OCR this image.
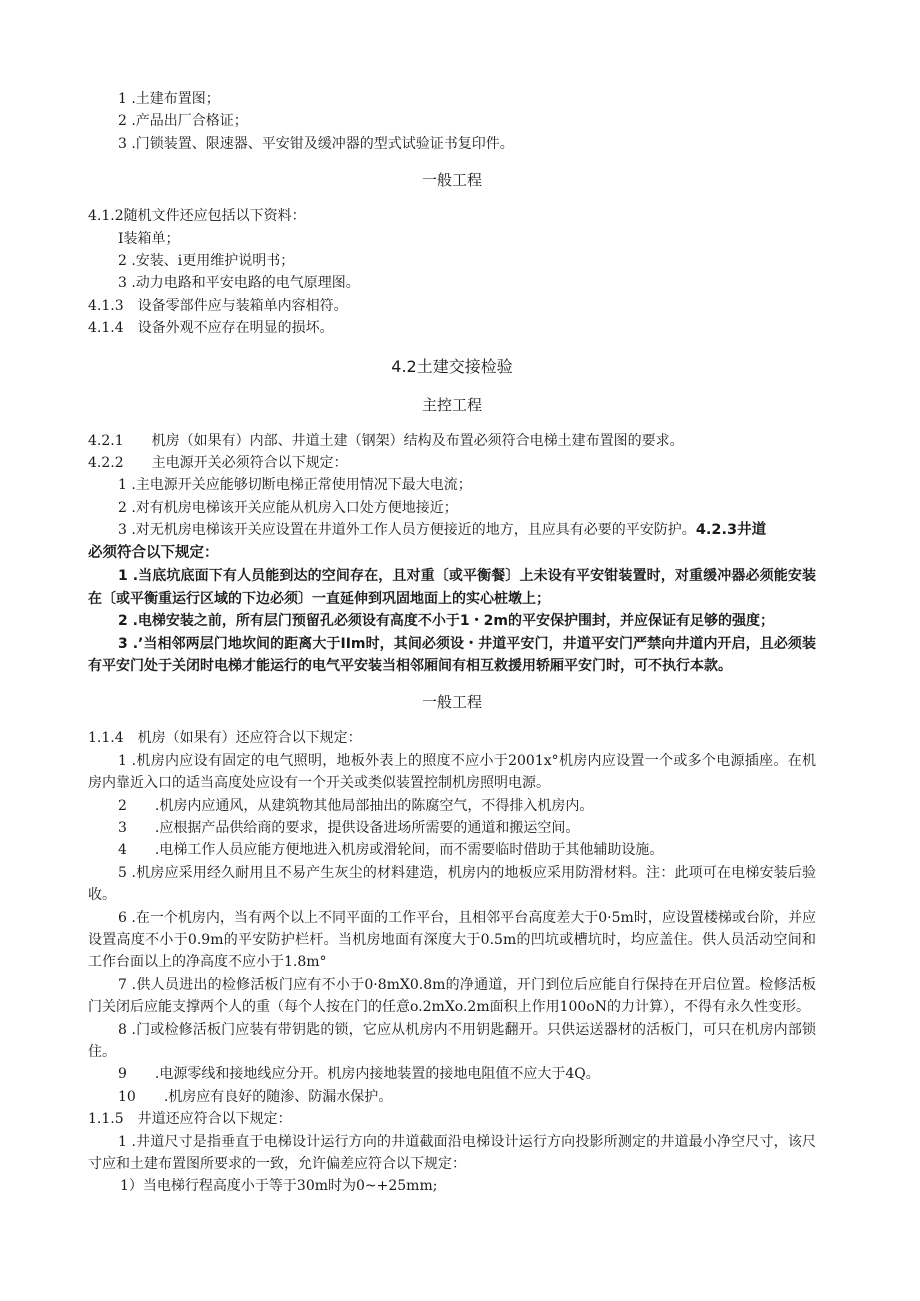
1 .土建布置图；
2 .产品出厂合格证；
3 .门锁装置、限速器、平安钳及缓冲器的型式试验证书复印件。
一般工程
4.1.2随机文件还应包括以下资料：
I装箱单；
2 .安装、i更用维护说明书；
3 .动力电路和平安电路的电气原理图。
4.1.3　设备零部件应与装箱单内容相符。
4.1.4　设备外观不应存在明显的损坏。
4.2土建交接检验
主控工程
4.2.1　　机房（如果有）内部、井道土建（钢架）结构及布置必须符合电梯土建布置图的要求。
4.2.2　　主电源开关必须符合以下规定：
1 .主电源开关应能够切断电梯正常使用情况下最大电流；
2 .对有机房电梯该开关应能从机房入口处方便地接近；
3 .对无机房电梯该开关应设置在井道外工作人员方便接近的地方，且应具有必要的平安防护。4.2.3井道
必须符合以下规定：
1 .当底坑底面下有人员能到达的空间存在，且对重〔或平衡餐〕上未设有平安钳装置时，对重缓冲器必须能安装在〔或平衡重运行区域的下边必须〕一直延伸到巩固地面上的实心桩墩上；
2 .电梯安装之前，所有层门预留孔必须设有高度不小于1・2m的平安保护围封，并应保证有足够的强度；
3 .’当相邻两层门地坎间的距离大于IIm时，其间必须设・井道平安门，井道平安门严禁向井道内开启，且必须装有平安门处于关闭时电梯才能运行的电气平安装当相邻厢间有相互救援用轿厢平安门时，可不执行本款。
一般工程
1.1.4　机房（如果有）还应符合以下规定：
1 .机房内应设有固定的电气照明，地板外表上的照度不应小于2001x°机房内应设置一个或多个电源插座。在机房内靠近入口的适当高度处应设有一个开关或类似装置控制机房照明电源。
2　　.机房内应通风，从建筑物其他局部抽出的陈腐空气，不得排入机房内。
3　　.应根据产品供给商的要求，提供设备进场所需要的通道和搬运空间。
4　　.电梯工作人员应能方便地进入机房或滑轮间，而不需要临时借助于其他辅助设施。
5 .机房应采用经久耐用且不易产生灰尘的材料建造，机房内的地板应采用防滑材料。注：此项可在电梯安装后验收。
6 .在一个机房内，当有两个以上不同平面的工作平台，且相邻平台高度差大于0·5m时，应设置楼梯或台阶，并应设置高度不小于0.9m的平安防护栏杆。当机房地面有深度大于0.5m的凹坑或槽坑时，均应盖住。供人员活动空间和工作台面以上的净高度不应小于1.8m°
7 .供人员进出的检修活板门应有不小于0·8mX0.8m的净通道，开门到位后应能自行保持在开启位置。检修活板门关闭后应能支撑两个人的重（每个人按在门的任意o.2mXo.2m面积上作用100oN的力计算），不得有永久性变形。
8 .门或检修活板门应装有带钥匙的锁，它应从机房内不用钥匙翻开。只供运送器材的活板门，可只在机房内部锁住。
9　　.电源零线和接地线应分开。机房内接地装置的接地电阻值不应大于4Q。
10　　.机房应有良好的随渗、防漏水保护。
1.1.5　井道还应符合以下规定：
1 .井道尺寸是指垂直于电梯设计运行方向的井道截面沿电梯设计运行方向投影所测定的井道最小净空尺寸，该尺寸应和土建布置图所要求的一致，允许偏差应符合以下规定：
1）当电梯行程高度小于等于30m时为0~+25mm;
